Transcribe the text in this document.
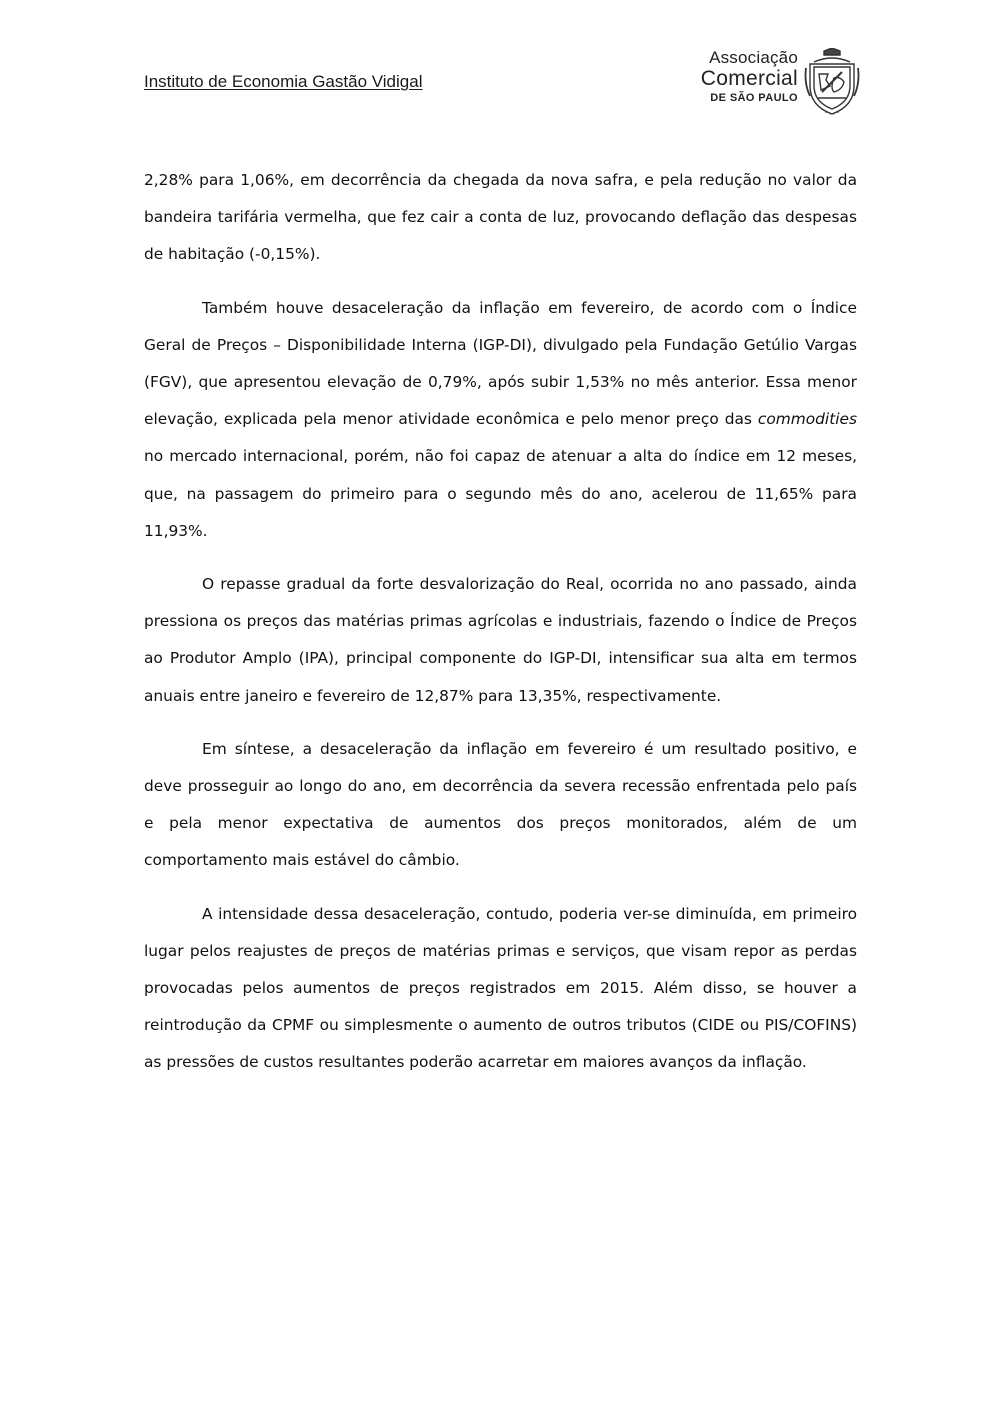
Instituto de Economia Gastão Vidigal
Associação
Comercial
DE SÃO PAULO

2,28% para 1,06%, em decorrência da chegada da nova safra, e pela redução no valor da bandeira tarifária vermelha, que fez cair a conta de luz, provocando deflação das despesas de habitação (-0,15%).

Também houve desaceleração da inflação em fevereiro, de acordo com o Índice Geral de Preços – Disponibilidade Interna (IGP-DI), divulgado pela Fundação Getúlio Vargas (FGV), que apresentou elevação de 0,79%, após subir 1,53% no mês anterior. Essa menor elevação, explicada pela menor atividade econômica e pelo menor preço das commodities no mercado internacional, porém, não foi capaz de atenuar a alta do índice em 12 meses, que, na passagem do primeiro para o segundo mês do ano, acelerou de 11,65% para 11,93%.

O repasse gradual da forte desvalorização do Real, ocorrida no ano passado, ainda pressiona os preços das matérias primas agrícolas e industriais, fazendo o Índice de Preços ao Produtor Amplo (IPA), principal componente do IGP-DI, intensificar sua alta em termos anuais entre janeiro e fevereiro de 12,87% para 13,35%, respectivamente.

Em síntese, a desaceleração da inflação em fevereiro é um resultado positivo, e deve prosseguir ao longo do ano, em decorrência da severa recessão enfrentada pelo país e pela menor expectativa de aumentos dos preços monitorados, além de um comportamento mais estável do câmbio.

A intensidade dessa desaceleração, contudo, poderia ver-se diminuída, em primeiro lugar pelos reajustes de preços de matérias primas e serviços, que visam repor as perdas provocadas pelos aumentos de preços registrados em 2015. Além disso, se houver a reintrodução da CPMF ou simplesmente o aumento de outros tributos (CIDE ou PIS/COFINS) as pressões de custos resultantes poderão acarretar em maiores avanços da inflação.
